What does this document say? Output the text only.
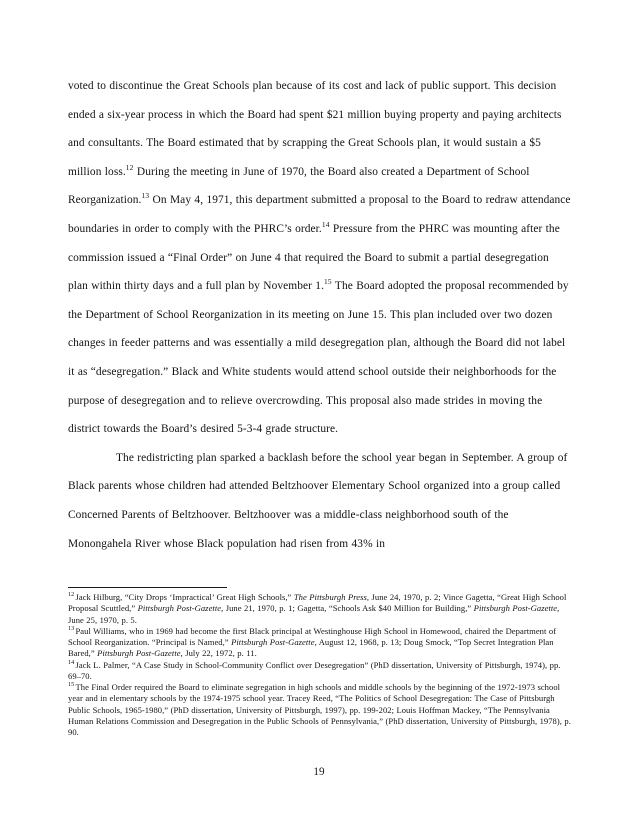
voted to discontinue the Great Schools plan because of its cost and lack of public support. This decision ended a six-year process in which the Board had spent $21 million buying property and paying architects and consultants. The Board estimated that by scrapping the Great Schools plan, it would sustain a $5 million loss.$^{12}$ During the meeting in June of 1970, the Board also created a Department of School Reorganization.$^{13}$ On May 4, 1971, this department submitted a proposal to the Board to redraw attendance boundaries in order to comply with the PHRC’s order.$^{14}$ Pressure from the PHRC was mounting after the commission issued a “Final Order” on June 4 that required the Board to submit a partial desegregation plan within thirty days and a full plan by November 1.15 The Board adopted the proposal recommended by the Department of School Reorganization in its meeting on June 15. This plan included over two dozen changes in feeder patterns and was essentially a mild desegregation plan, although the Board did not label it as “desegregation.” Black and White students would attend school outside their neighborhoods for the purpose of desegregation and to relieve overcrowding. This proposal also made strides in moving the district towards the Board’s desired 5-3-4 grade structure.
The redistricting plan sparked a backlash before the school year began in September. A group of Black parents whose children had attended Beltzhoover Elementary School organized into a group called Concerned Parents of Beltzhoover. Beltzhoover was a middle-class neighborhood south of the Monongahela River whose Black population had risen from 43% in
$^{12}$Jack Hilburg, “City Drops ‘Impractical’ Great High Schools,” The Pittsburgh Press, June 24, 1970, p. 2; Vince Gagetta, “Great High School Proposal Scuttled,” Pittsburgh Post-Gazette, June 21, 1970, p. 1; Gagetta, “Schools Ask $40 Million for Building,” Pittsburgh Post-Gazette, June 25, 1970, p. 5.
$^{13}$Paul Williams, who in 1969 had become the first Black principal at Westinghouse High School in Homewood, chaired the Department of School Reorganization. “Principal is Named,” Pittsburgh Post-Gazette, August 12, 1968, p. 13; Doug Smock, “Top Secret Integration Plan Bared,” Pittsburgh Post-Gazette, July 22, 1972, p. 11.
$^{14}$Jack L. Palmer, “A Case Study in School-Community Conflict over Desegregation” (PhD dissertation, University of Pittsburgh, 1974), pp. 69–70.
$^{15}$The Final Order required the Board to eliminate segregation in high schools and middle schools by the beginning of the 1972-1973 school year and in elementary schools by the 1974-1975 school year. Tracey Reed, “The Politics of School Desegregation: The Case of Pittsburgh Public Schools, 1965-1980,” (PhD dissertation, University of Pittsburgh, 1997), pp. 199-202; Louis Hoffman Mackey, “The Pennsylvania Human Relations Commission and Desegregation in the Public Schools of Pennsylvania,” (PhD dissertation, University of Pittsburgh, 1978), p. 90.
19
